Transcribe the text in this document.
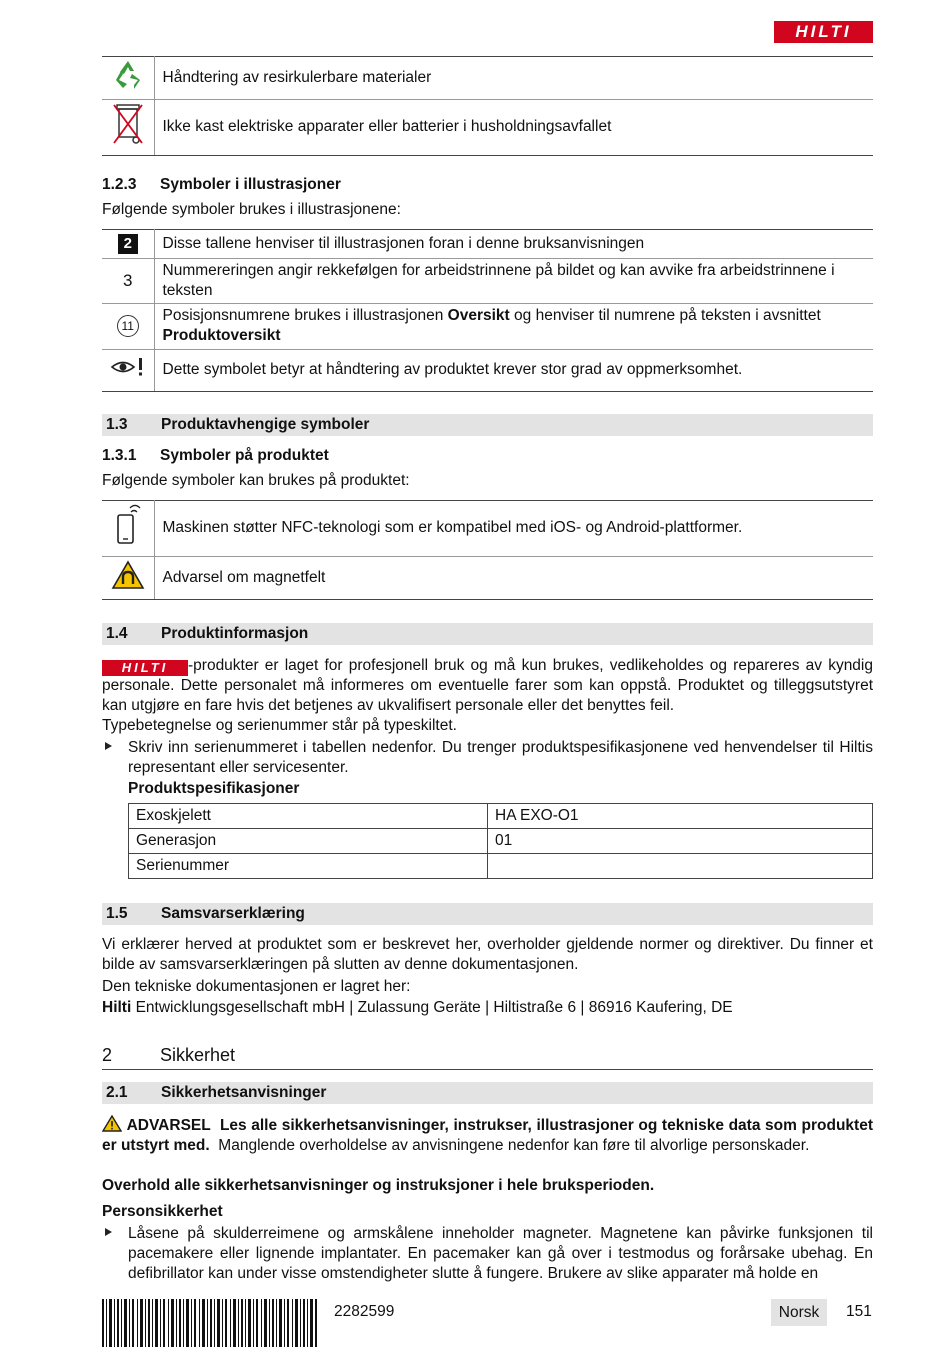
HILTI
	Håndtering av resirkulerbare materialer
	Ikke kast elektriske apparater eller batterier i husholdningsavfallet
1.2.3 Symboler i illustrasjoner
Følgende symboler brukes i illustrasjonene:
2	Disse tallene henviser til illustrasjonen foran i denne bruksanvisningen
3	Nummereringen angir rekkefølgen for arbeidstrinnene på bildet og kan avvike fra arbeidstrinnene i teksten
11	Posisjonsnumrene brukes i illustrasjonen Oversikt og henviser til numrene på teksten i avsnittet Produktoversikt
	Dette symbolet betyr at håndtering av produktet krever stor grad av oppmerksomhet.
1.3 Produktavhengige symboler
1.3.1 Symboler på produktet
Følgende symboler kan brukes på produktet:
	Maskinen støtter NFC-teknologi som er kompatibel med iOS- og Android-plattformer.
	Advarsel om magnetfelt
1.4 Produktinformasjon
HILTI -produkter er laget for profesjonell bruk og må kun brukes, vedlikeholdes og repareres av kyndig personale. Dette personalet må informeres om eventuelle farer som kan oppstå. Produktet og tilleggsutstyret kan utgjøre en fare hvis det betjenes av ukvalifisert personale eller det benyttes feil.
Typebetegnelse og serienummer står på typeskiltet.
Skriv inn serienummeret i tabellen nedenfor. Du trenger produktspesifikasjonene ved henvendelser til Hiltis representant eller servicesenter.
Produktspesifikasjoner
Exoskjelett	HA EXO-O1
Generasjon	01
Serienummer	
1.5 Samsvarserklæring
Vi erklærer herved at produktet som er beskrevet her, overholder gjeldende normer og direktiver. Du finner et bilde av samsvarserklæringen på slutten av denne dokumentasjonen.
Den tekniske dokumentasjonen er lagret her:
Hilti Entwicklungsgesellschaft mbH | Zulassung Geräte | Hiltistraße 6 | 86916 Kaufering, DE
2	Sikkerhet
2.1 Sikkerhetsanvisninger
ADVARSEL Les alle sikkerhetsanvisninger, instrukser, illustrasjoner og tekniske data som produktet er utstyrt med. Manglende overholdelse av anvisningene nedenfor kan føre til alvorlige personskader.
Overhold alle sikkerhetsanvisninger og instruksjoner i hele bruksperioden.
Personsikkerhet
Låsene på skulderreimene og armskålene inneholder magneter. Magnetene kan påvirke funksjonen til pacemakere eller lignende implantater. En pacemaker kan gå over i testmodus og forårsake ubehag. En defibrillator kan under visse omstendigheter slutte å fungere. Brukere av slike apparater må holde en
2282599	Norsk	151
